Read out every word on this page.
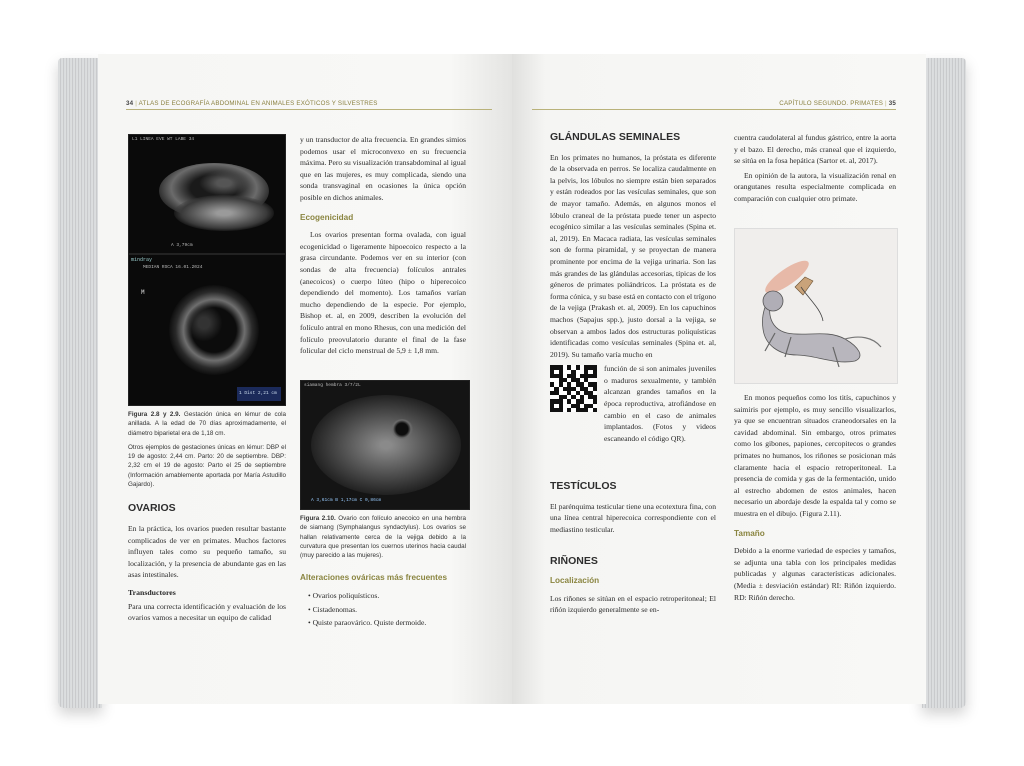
34 | ATLAS DE ECOGRAFÍA ABDOMINAL EN ANIMALES EXÓTICOS Y SILVESTRES
L1 LINEA EVE WT LABE 34
A 3,79cm
mindray
MEDIAN RSCA 16.01.2024
M
1 Dist 2,21 cm
Figura 2.8 y 2.9. Gestación única en lémur de cola anillada. A la edad de 70 días aproximadamente, el diámetro biparietal era de 1,18 cm.
Otros ejemplos de gestaciones únicas en lémur: DBP el 19 de agosto: 2,44 cm. Parto: 20 de septiembre. DBP: 2,32 cm el 19 de agosto: Parto el 25 de septiembre (Información amablemente aportada por María Astudillo Gajardo).
OVARIOS

En la práctica, los ovarios pueden resultar bastante complicados de ver en primates. Muchos factores influyen tales como su pequeño tamaño, su localización, y la presencia de abundante gas en las asas intestinales.

Transductores

Para una correcta identificación y evaluación de los ovarios vamos a necesitar un equipo de calidad

y un transductor de alta frecuencia. En grandes simios podemos usar el microconvexo en su frecuencia máxima. Pero su visualización transabdominal al igual que en las mujeres, es muy complicada, siendo una sonda transvaginal en ocasiones la única opción posible en dichos animales.

Ecogenicidad

Los ovarios presentan forma ovalada, con igual ecogenicidad o ligeramente hipoecoico respecto a la grasa circundante. Podemos ver en su interior (con sondas de alta frecuencia) folículos antrales (anecoicos) o cuerpo lúteo (hipo o hiperecoico dependiendo del momento). Los tamaños varían mucho dependiendo de la especie. Por ejemplo, Bishop et. al, en 2009, describen la evolución del folículo antral en mono Rhesus, con una medición del folículo preovulatorio durante el final de la fase folicular del ciclo menstrual de 5,9 ± 1,8 mm.

siamang hembra 3/7/2L
A 3,61cm B 1,17cm C 0,86cm
Figura 2.10. Ovario con folículo anecoico en una hembra de siamang (Symphalangus syndactylus). Los ovarios se hallan relativamente cerca de la vejiga debido a la curvatura que presentan los cuernos uterinos hacia caudal (muy parecido a las mujeres).
Alteraciones ováricas más frecuentes
• Ovarios poliquísticos.
• Cistadenomas.
• Quiste paraovárico. Quiste dermoide.
CAPÍTULO SEGUNDO. PRIMATES | 35
GLÁNDULAS SEMINALES

En los primates no humanos, la próstata es diferente de la observada en perros. Se localiza caudalmente en la pelvis, los lóbulos no siempre están bien separados y están rodeados por las vesículas seminales, que son de mayor tamaño. Además, en algunos monos el lóbulo craneal de la próstata puede tener un aspecto ecogénico similar a las vesículas seminales (Spina et. al, 2019). En Macaca radiata, las vesículas seminales son de forma piramidal, y se proyectan de manera prominente por encima de la vejiga urinaria. Son las más grandes de las glándulas accesorias, típicas de los géneros de primates poliándricos. La próstata es de forma cónica, y su base está en contacto con el trígono de la vejiga (Prakash et. al, 2009). En los capuchinos machos (Sapajus spp.), justo dorsal a la vejiga, se observan a ambos lados dos estructuras poliquísticas identificadas como vesículas seminales (Spina et. al, 2019). Su tamaño varía mucho en

función de si son animales juveniles o maduros sexualmente, y también alcanzan grandes tamaños en la época reproductiva, atrofiándose en cambio en el caso de animales implantados. (Fotos y videos escaneando el código QR).

TESTÍCULOS

El parénquima testicular tiene una ecotextura fina, con una línea central hiperecoica correspondiente con el mediastino testicular.

RIÑONES
Localización

Los riñones se sitúan en el espacio retroperitoneal; El riñón izquierdo generalmente se en-

cuentra caudolateral al fundus gástrico, entre la aorta y el bazo. El derecho, más craneal que el izquierdo, se sitúa en la fosa hepática (Sartor et. al, 2017).

En opinión de la autora, la visualización renal en orangutanes resulta especialmente complicada en comparación con cualquier otro primate.

En monos pequeños como los titís, capuchinos y saimiris por ejemplo, es muy sencillo visualizarlos, ya que se encuentran situados craneodorsales en la cavidad abdominal. Sin embargo, otros primates como los gibones, papiones, cercopitecos o grandes primates no humanos, los riñones se posicionan más claramente hacia el espacio retroperitoneal. La presencia de comida y gas de la fermentación, unido al estrecho abdomen de estos animales, hacen necesario un abordaje desde la espalda tal y como se muestra en el dibujo. (Figura 2.11).

Tamaño

Debido a la enorme variedad de especies y tamaños, se adjunta una tabla con los principales medidas publicadas y algunas características adicionales. (Media ± desviación estándar) RI: Riñón izquierdo. RD: Riñón derecho.
